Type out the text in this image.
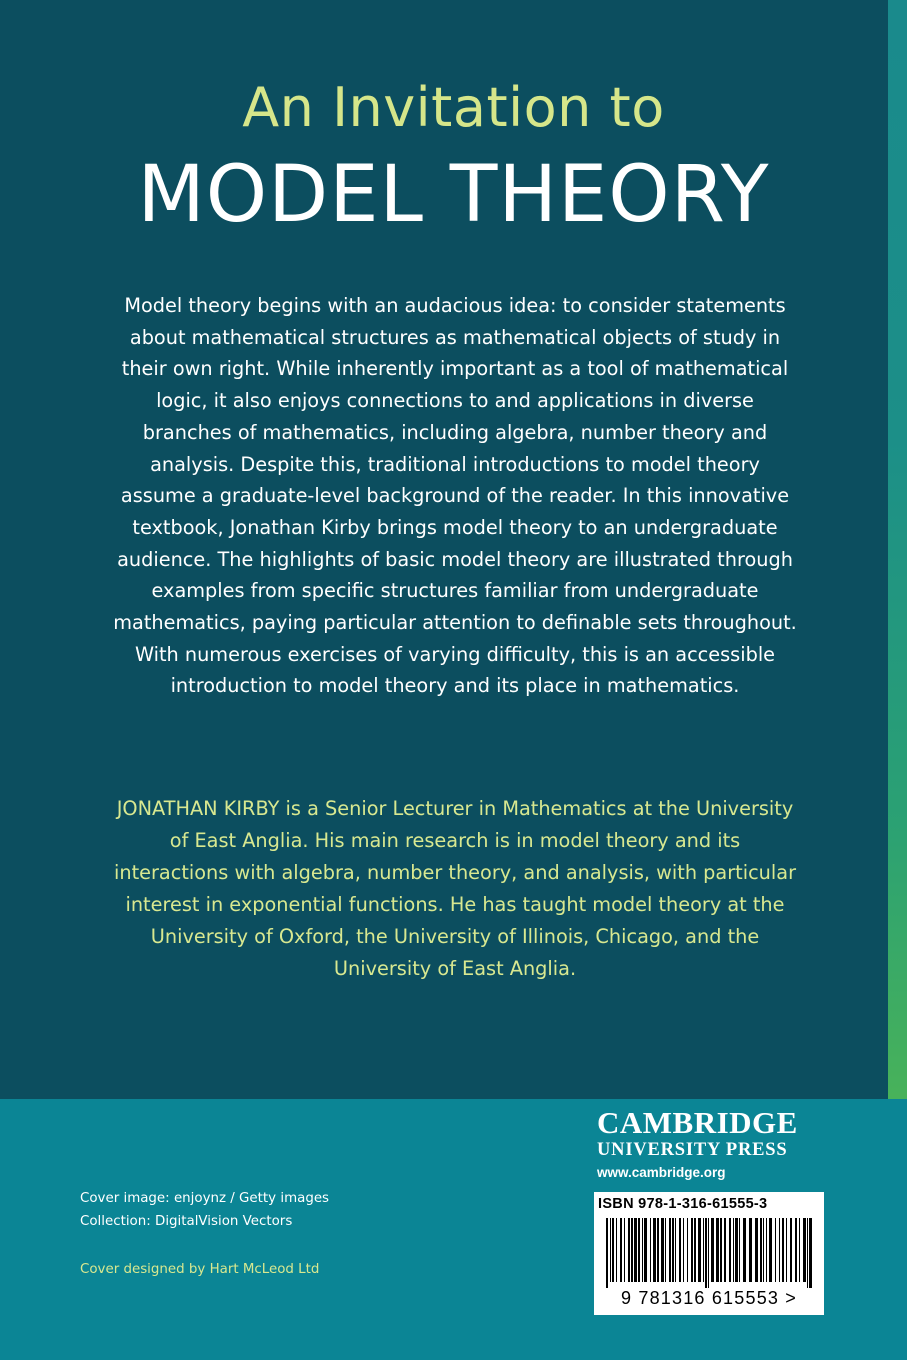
An Invitation to
MODEL THEORY

Model theory begins with an audacious idea: to consider statements about mathematical structures as mathematical objects of study in their own right. While inherently important as a tool of mathematical logic, it also enjoys connections to and applications in diverse branches of mathematics, including algebra, number theory and analysis. Despite this, traditional introductions to model theory assume a graduate-level background of the reader. In this innovative textbook, Jonathan Kirby brings model theory to an undergraduate audience. The highlights of basic model theory are illustrated through examples from specific structures familiar from undergraduate mathematics, paying particular attention to definable sets throughout. With numerous exercises of varying difficulty, this is an accessible introduction to model theory and its place in mathematics.

JONATHAN KIRBY is a Senior Lecturer in Mathematics at the University of East Anglia. His main research is in model theory and its interactions with algebra, number theory, and analysis, with particular interest in exponential functions. He has taught model theory at the University of Oxford, the University of Illinois, Chicago, and the University of East Anglia.

Cover image: enjoynz / Getty images
Collection: DigitalVision Vectors
Cover designed by Hart McLeod Ltd
CAMBRIDGE
UNIVERSITY PRESS
www.cambridge.org
ISBN 978-1-316-61555-3
9 781316 615553 >
